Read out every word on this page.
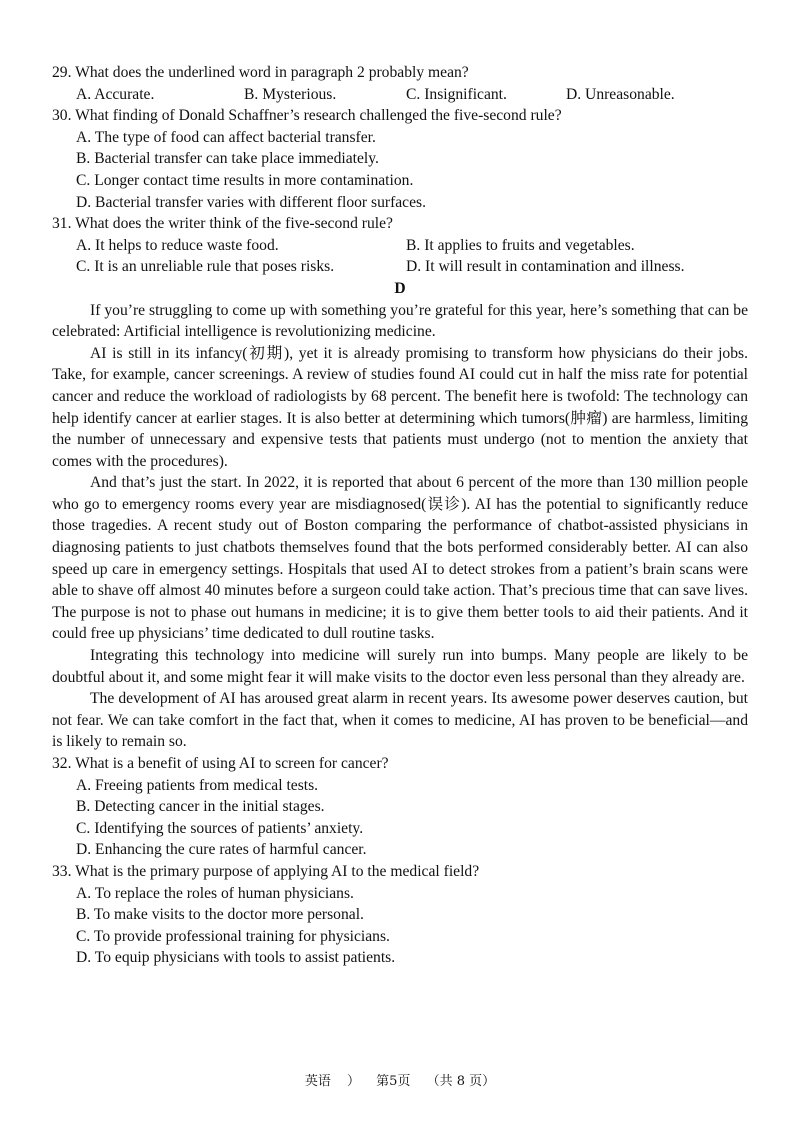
29. What does the underlined word in paragraph 2 probably mean?
A. Accurate.	B. Mysterious.	C. Insignificant.	D. Unreasonable.
30. What finding of Donald Schaffner’s research challenged the five-second rule?
A. The type of food can affect bacterial transfer.
B. Bacterial transfer can take place immediately.
C. Longer contact time results in more contamination.
D. Bacterial transfer varies with different floor surfaces.
31. What does the writer think of the five-second rule?
A. It helps to reduce waste food.	B. It applies to fruits and vegetables.
C. It is an unreliable rule that poses risks.	D. It will result in contamination and illness.
D
If you’re struggling to come up with something you’re grateful for this year, here’s something that can be celebrated: Artificial intelligence is revolutionizing medicine.
AI is still in its infancy(初期), yet it is already promising to transform how physicians do their jobs. Take, for example, cancer screenings. A review of studies found AI could cut in half the miss rate for potential cancer and reduce the workload of radiologists by 68 percent. The benefit here is twofold: The technology can help identify cancer at earlier stages. It is also better at determining which tumors(肿瘤) are harmless, limiting the number of unnecessary and expensive tests that patients must undergo (not to mention the anxiety that comes with the procedures).
And that’s just the start. In 2022, it is reported that about 6 percent of the more than 130 million people who go to emergency rooms every year are misdiagnosed(误诊). AI has the potential to significantly reduce those tragedies. A recent study out of Boston comparing the performance of chatbot-assisted physicians in diagnosing patients to just chatbots themselves found that the bots performed considerably better. AI can also speed up care in emergency settings. Hospitals that used AI to detect strokes from a patient’s brain scans were able to shave off almost 40 minutes before a surgeon could take action. That’s precious time that can save lives. The purpose is not to phase out humans in medicine; it is to give them better tools to aid their patients. And it could free up physicians’ time dedicated to dull routine tasks.
Integrating this technology into medicine will surely run into bumps. Many people are likely to be doubtful about it, and some might fear it will make visits to the doctor even less personal than they already are.
The development of AI has aroused great alarm in recent years. Its awesome power deserves caution, but not fear. We can take comfort in the fact that, when it comes to medicine, AI has proven to be beneficial—and is likely to remain so.
32. What is a benefit of using AI to screen for cancer?
A. Freeing patients from medical tests.
B. Detecting cancer in the initial stages.
C. Identifying the sources of patients’ anxiety.
D. Enhancing the cure rates of harmful cancer.
33. What is the primary purpose of applying AI to the medical field?
A. To replace the roles of human physicians.
B. To make visits to the doctor more personal.
C. To provide professional training for physicians.
D. To equip physicians with tools to assist patients.
英语 ） 第5页 （共 8 页）
